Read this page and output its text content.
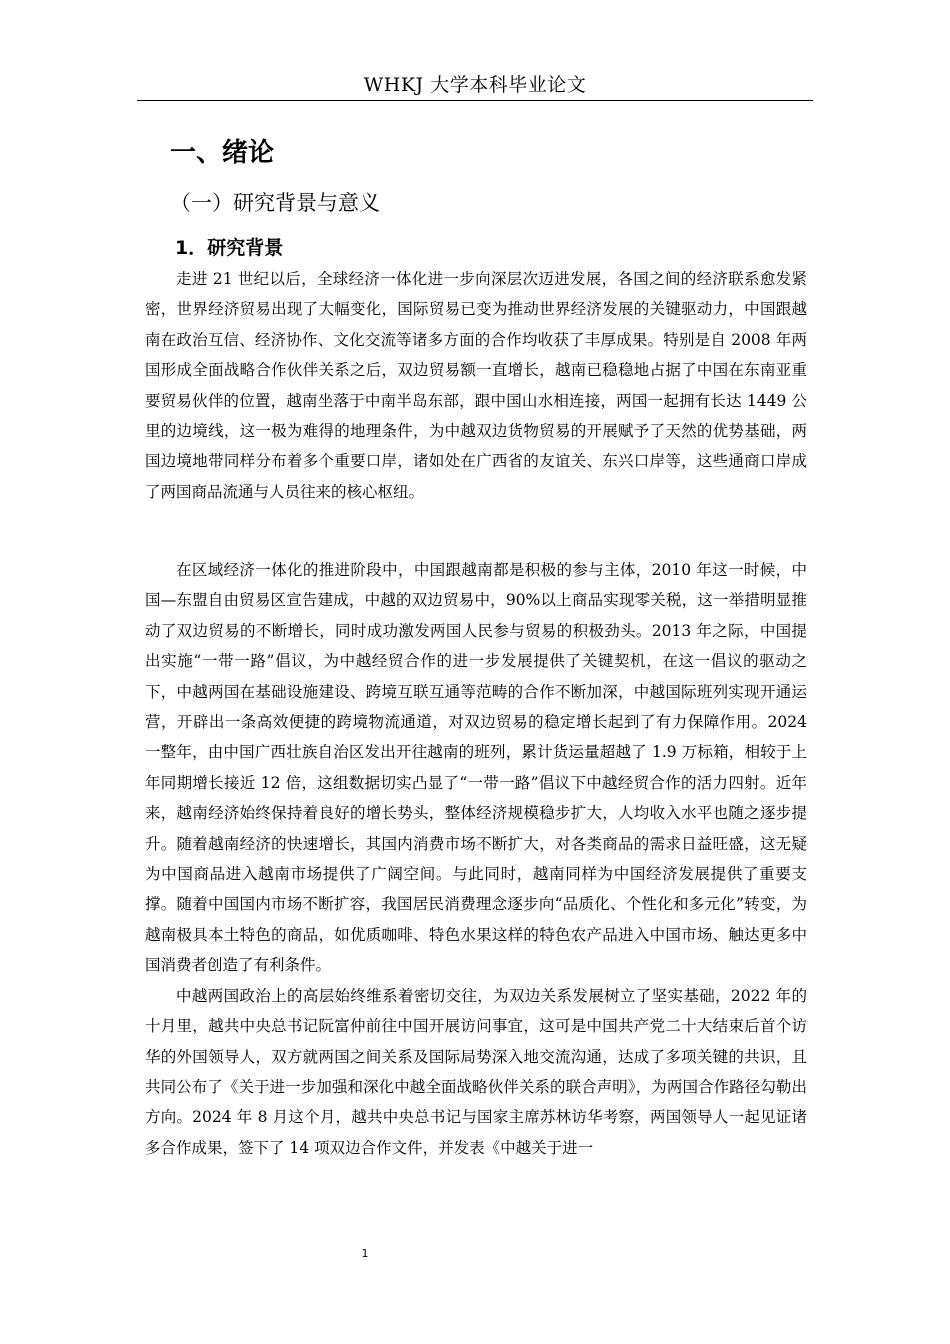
WHKJ 大学本科毕业论文
一、绪论
（一）研究背景与意义
1．研究背景

走进 21 世纪以后，全球经济一体化进一步向深层次迈进发展，各国之间的经济联系愈发紧密，世界经济贸易出现了大幅变化，国际贸易已变为推动世界经济发展的关键驱动力，中国跟越南在政治互信、经济协作、文化交流等诸多方面的合作均收获了丰厚成果。特别是自 2008 年两国形成全面战略合作伙伴关系之后，双边贸易额一直增长，越南已稳稳地占据了中国在东南亚重要贸易伙伴的位置，越南坐落于中南半岛东部，跟中国山水相连接，两国一起拥有长达 1449 公里的边境线，这一极为难得的地理条件，为中越双边货物贸易的开展赋予了天然的优势基础，两国边境地带同样分布着多个重要口岸，诸如处在广西省的友谊关、东兴口岸等，这些通商口岸成了两国商品流通与人员往来的核心枢纽。

在区域经济一体化的推进阶段中，中国跟越南都是积极的参与主体，2010 年这一时候，中国—东盟自由贸易区宣告建成，中越的双边贸易中，90%以上商品实现零关税，这一举措明显推动了双边贸易的不断增长，同时成功激发两国人民参与贸易的积极劲头。2013 年之际，中国提出实施“一带一路”倡议，为中越经贸合作的进一步发展提供了关键契机，在这一倡议的驱动之下，中越两国在基础设施建设、跨境互联互通等范畴的合作不断加深，中越国际班列实现开通运营，开辟出一条高效便捷的跨境物流通道，对双边贸易的稳定增长起到了有力保障作用。2024 一整年，由中国广西壮族自治区发出开往越南的班列，累计货运量超越了 1.9 万标箱，相较于上年同期增长接近 12 倍，这组数据切实凸显了“一带一路”倡议下中越经贸合作的活力四射。近年来，越南经济始终保持着良好的增长势头，整体经济规模稳步扩大，人均收入水平也随之逐步提升。随着越南经济的快速增长，其国内消费市场不断扩大，对各类商品的需求日益旺盛，这无疑为中国商品进入越南市场提供了广阔空间。与此同时，越南同样为中国经济发展提供了重要支撑。随着中国国内市场不断扩容，我国居民消费理念逐步向“品质化、个性化和多元化”转变，为越南极具本土特色的商品，如优质咖啡、特色水果这样的特色农产品进入中国市场、触达更多中国消费者创造了有利条件。

中越两国政治上的高层始终维系着密切交往，为双边关系发展树立了坚实基础，2022 年的十月里，越共中央总书记阮富仲前往中国开展访问事宜，这可是中国共产党二十大结束后首个访华的外国领导人，双方就两国之间关系及国际局势深入地交流沟通，达成了多项关键的共识，且共同公布了《关于进一步加强和深化中越全面战略伙伴关系的联合声明》，为两国合作路径勾勒出方向。2024 年 8 月这个月，越共中央总书记与国家主席苏林访华考察，两国领导人一起见证诸多合作成果，签下了 14 项双边合作文件，并发表《中越关于进一

1
